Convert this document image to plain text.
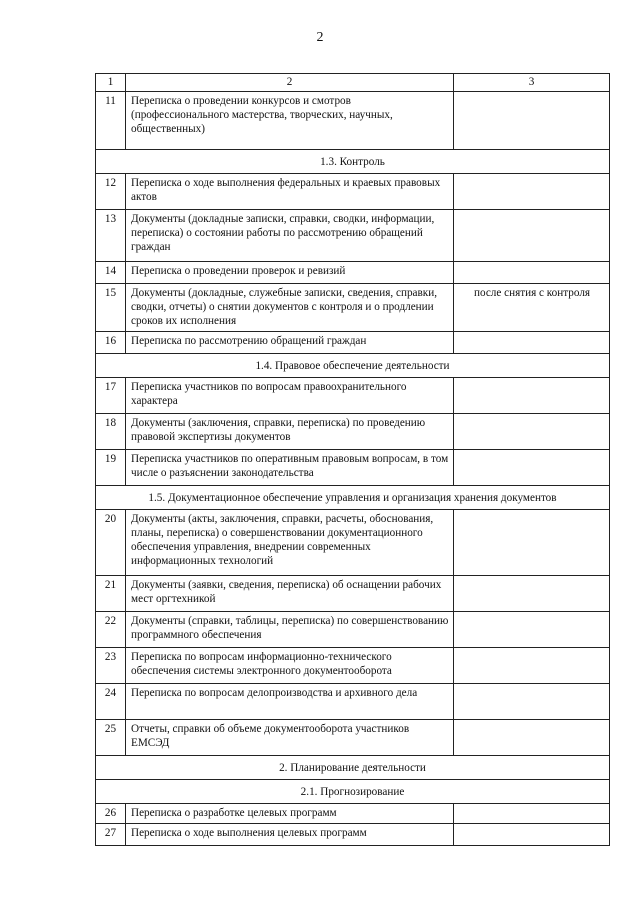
2
1	2	3
11	Переписка о проведении конкурсов и смотров (профессионального мастерства, творческих, научных, общественных)	
1.3. Контроль		
12	Переписка о ходе выполнения федеральных и краевых правовых актов	
13	Документы (докладные записки, справки, сводки, информации, переписка) о состоянии работы по рассмотрению обращений граждан	
14	Переписка о проведении проверок и ревизий	
15	Документы (докладные, служебные записки, сведения, справки, сводки, отчеты) о снятии документов с контроля и о продлении сроков их исполнения	после снятия с контроля
16	Переписка по рассмотрению обращений граждан	
1.4. Правовое обеспечение деятельности		
17	Переписка участников по вопросам правоохранительного характера	
18	Документы (заключения, справки, переписка) по проведению правовой экспертизы документов	
19	Переписка участников по оперативным правовым вопросам, в том числе о разъяснении законодательства	
1.5. Документационное обеспечение управления и организация хранения документов		
20	Документы (акты, заключения, справки, расчеты, обоснования, планы, переписка) о совершенствовании документационного обеспечения управления, внедрении современных информационных технологий	
21	Документы (заявки, сведения, переписка) об оснащении рабочих мест оргтехникой	
22	Документы (справки, таблицы, переписка) по совершенствованию программного обеспечения	
23	Переписка по вопросам информационно-технического обеспечения системы электронного документооборота	
24	Переписка по вопросам делопроизводства и архивного дела	
25	Отчеты, справки об объеме документооборота участников ЕМСЭД	
2. Планирование деятельности		
2.1. Прогнозирование		
26	Переписка о разработке целевых программ	
27	Переписка о ходе выполнения целевых программ	
